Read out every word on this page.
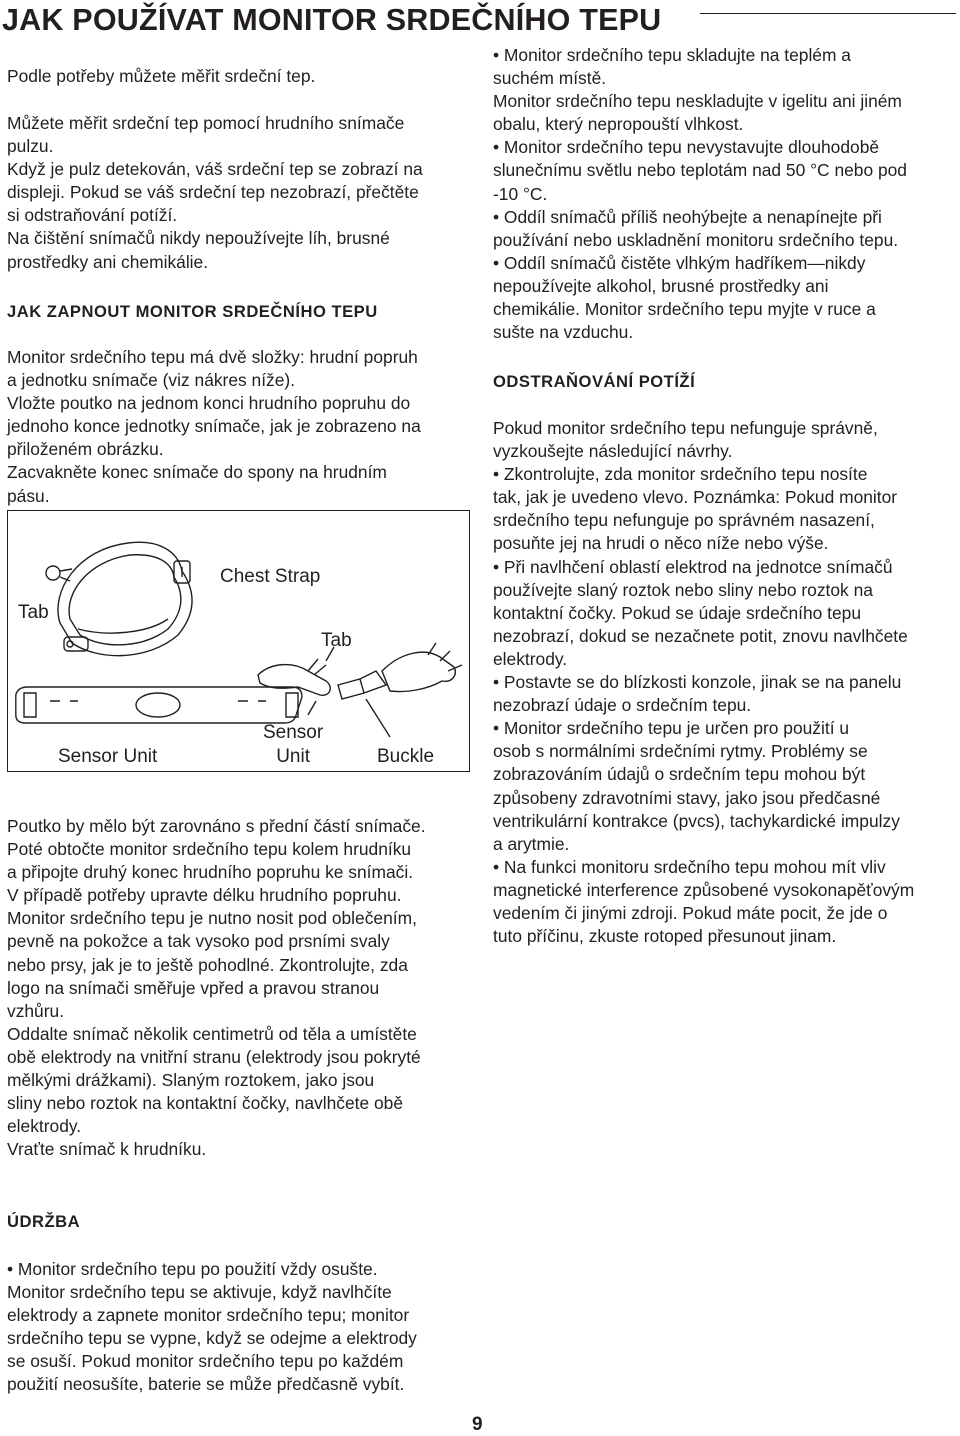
JAK POUŽÍVAT MONITOR SRDEČNÍHO TEPU

Podle potřeby můžete měřit srdeční tep.

Můžete měřit srdeční tep pomocí hrudního snímače
pulzu.
Když je pulz detekován, váš srdeční tep se zobrazí na
displeji. Pokud se váš srdeční tep nezobrazí, přečtěte
si odstraňování potíží.
Na čištění snímačů nikdy nepoužívejte líh, brusné
prostředky ani chemikálie.

JAK ZAPNOUT MONITOR SRDEČNÍHO TEPU

Monitor srdečního tepu má dvě složky: hrudní popruh
a jednotku snímače (viz nákres níže).
Vložte poutko na jednom konci hrudního popruhu do
jednoho konce jednotky snímače, jak je zobrazeno na
přiloženém obrázku.
Zacvakněte konec snímače do spony na hrudním
pásu.

Tab
Chest Strap
Tab
Sensor Unit
Sensor
Unit	Buckle

Poutko by mělo být zarovnáno s přední částí snímače.
Poté obtočte monitor srdečního tepu kolem hrudníku
a připojte druhý konec hrudního popruhu ke snímači.
V případě potřeby upravte délku hrudního popruhu.
Monitor srdečního tepu je nutno nosit pod oblečením,
pevně na pokožce a tak vysoko pod prsními svaly
nebo prsy, jak je to ještě pohodlné. Zkontrolujte, zda
logo na snímači směřuje vpřed a pravou stranou
vzhůru.
Oddalte snímač několik centimetrů od těla a umístěte
obě elektrody na vnitřní stranu (elektrody jsou pokryté
mělkými drážkami). Slaným roztokem, jako jsou
sliny nebo roztok na kontaktní čočky, navlhčete obě
elektrody.
Vraťte snímač k hrudníku.

ÚDRŽBA

• Monitor srdečního tepu po použití vždy osušte.
Monitor srdečního tepu se aktivuje, když navlhčíte
elektrody a zapnete monitor srdečního tepu; monitor
srdečního tepu se vypne, když se odejme a elektrody
se osuší. Pokud monitor srdečního tepu po každém
použití neosušíte, baterie se může předčasně vybít.

• Monitor srdečního tepu skladujte na teplém a
suchém místě.
Monitor srdečního tepu neskladujte v igelitu ani jiném
obalu, který nepropouští vlhkost.
• Monitor srdečního tepu nevystavujte dlouhodobě
slunečnímu světlu nebo teplotám nad 50 °C nebo pod
-10 °C.
• Oddíl snímačů příliš neohýbejte a nenapínejte při
používání nebo uskladnění monitoru srdečního tepu.
• Oddíl snímačů čistěte vlhkým hadříkem—nikdy
nepoužívejte alkohol, brusné prostředky ani
chemikálie. Monitor srdečního tepu myjte v ruce a
sušte na vzduchu.

ODSTRAŇOVÁNÍ POTÍŽÍ

Pokud monitor srdečního tepu nefunguje správně,
vyzkoušejte následující návrhy.
• Zkontrolujte, zda monitor srdečního tepu nosíte
tak, jak je uvedeno vlevo. Poznámka: Pokud monitor
srdečního tepu nefunguje po správném nasazení,
posuňte jej na hrudi o něco níže nebo výše.
• Při navlhčení oblastí elektrod na jednotce snímačů
používejte slaný roztok nebo sliny nebo roztok na
kontaktní čočky. Pokud se údaje srdečního tepu
nezobrazí, dokud se nezačnete potit, znovu navlhčete
elektrody.
• Postavte se do blízkosti konzole, jinak se na panelu
nezobrazí údaje o srdečním tepu.
• Monitor srdečního tepu je určen pro použití u
osob s normálními srdečními rytmy. Problémy se
zobrazováním údajů o srdečním tepu mohou být
způsobeny zdravotními stavy, jako jsou předčasné
ventrikulární kontrakce (pvcs), tachykardické impulzy
a arytmie.
• Na funkci monitoru srdečního tepu mohou mít vliv
magnetické interference způsobené vysokonapěťovým
vedením či jinými zdroji. Pokud máte pocit, že jde o
tuto příčinu, zkuste rotoped přesunout jinam.

9
